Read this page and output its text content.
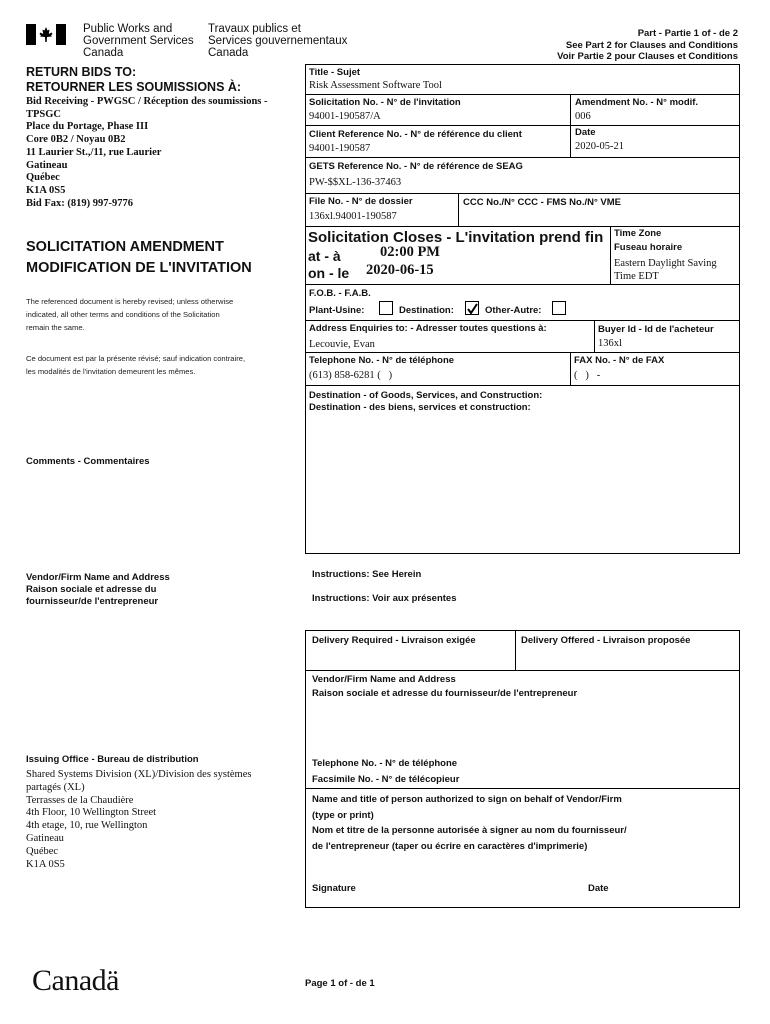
Public Works and
Government Services
Canada
Travaux publics et
Services gouvernementaux
Canada
Part - Partie 1 of - de 2
See Part 2 for Clauses and Conditions
Voir Partie 2 pour Clauses et Conditions
RETURN BIDS TO:
RETOURNER LES SOUMISSIONS À:
Bid Receiving - PWGSC / Réception des soumissions -
TPSGC
Place du Portage, Phase III
Core 0B2 / Noyau 0B2
11 Laurier St.,/11, rue Laurier
Gatineau
Québec
K1A 0S5
Bid Fax: (819) 997-9776
SOLICITATION AMENDMENT
MODIFICATION DE L'INVITATION
The referenced document is hereby revised; unless otherwise
indicated, all other terms and conditions of the Solicitation
remain the same.
Ce document est par la présente révisé; sauf indication contraire,
les modalités de l'invitation demeurent les mêmes.
Comments - Commentaires
Vendor/Firm Name and Address
Raison sociale et adresse du
fournisseur/de l'entrepreneur
Issuing Office - Bureau de distribution
Shared Systems Division (XL)/Division des systèmes
partagés (XL)
Terrasses de la Chaudière
4th Floor, 10 Wellington Street
4th etage, 10, rue Wellington
Gatineau
Québec
K1A 0S5
Title - Sujet
Risk Assessment Software Tool
Solicitation No. - N° de l'invitation
94001-190587/A
Amendment No. - N° modif.
006
Client Reference No. - N° de référence du client
94001-190587
Date
2020-05-21
GETS Reference No. - N° de référence de SEAG
PW-$$XL-136-37463
File No. - N° de dossier
136xl.94001-190587
CCC No./N° CCC - FMS No./N° VME
Solicitation Closes - L'invitation prend fin
at - à	02:00 PM
on - le 2020-06-15
Time Zone
Fuseau horaire
Eastern Daylight Saving
Time EDT
F.O.B. - F.A.B.
Plant-Usine:	Destination:	Other-Autre:
Address Enquiries to: - Adresser toutes questions à:
Lecouvie, Evan
Buyer Id - Id de l'acheteur
136xl
Telephone No. - N° de téléphone
(613) 858-6281 (   )
FAX No. - N° de FAX
(   )   -
Destination - of Goods, Services, and Construction:
Destination - des biens, services et construction:
Instructions: See Herein
Instructions: Voir aux présentes
Delivery Required - Livraison exigée	Delivery Offered - Livraison proposée
Vendor/Firm Name and Address
Raison sociale et adresse du fournisseur/de l'entrepreneur
Telephone No. - N° de téléphone
Facsimile No. - N° de télécopieur
Name and title of person authorized to sign on behalf of Vendor/Firm
(type or print)
Nom et titre de la personne autorisée à signer au nom du fournisseur/
de l'entrepreneur (taper ou écrire en caractères d'imprimerie)
Signature	Date
Canadä	Page 1 of - de 1
